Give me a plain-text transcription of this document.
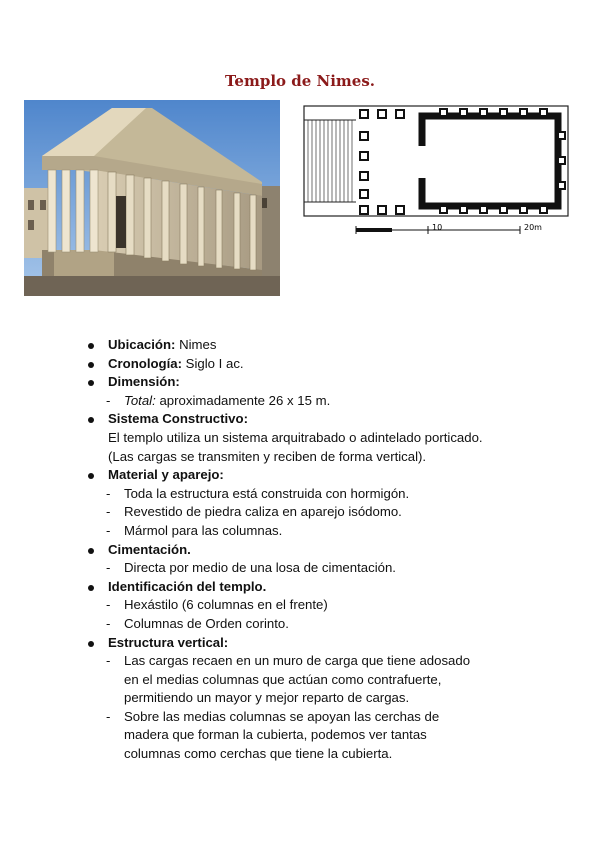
Templo de Nimes.
10	20m
Ubicación: Nimes
Cronología: Siglo I ac.
Dimensión:
- Total: aproximadamente 26 x 15 m.
Sistema Constructivo:
El templo utiliza un sistema arquitrabado o adintelado porticado.
(Las cargas se transmiten y reciben de forma vertical).
Material y aparejo:
- Toda la estructura está construida con hormigón.
- Revestido de piedra caliza en aparejo isódomo.
- Mármol para las columnas.
Cimentación.
- Directa por medio de una losa de cimentación.
Identificación del templo.
- Hexástilo (6 columnas en el frente)
- Columnas de Orden corinto.
Estructura vertical:
- Las cargas recaen en un muro de carga que tiene adosado
en el medias columnas que actúan como contrafuerte,
permitiendo un mayor y mejor reparto de cargas.
- Sobre las medias columnas se apoyan las cerchas de
madera que forman la cubierta, podemos ver tantas
columnas como cerchas que tiene la cubierta.
